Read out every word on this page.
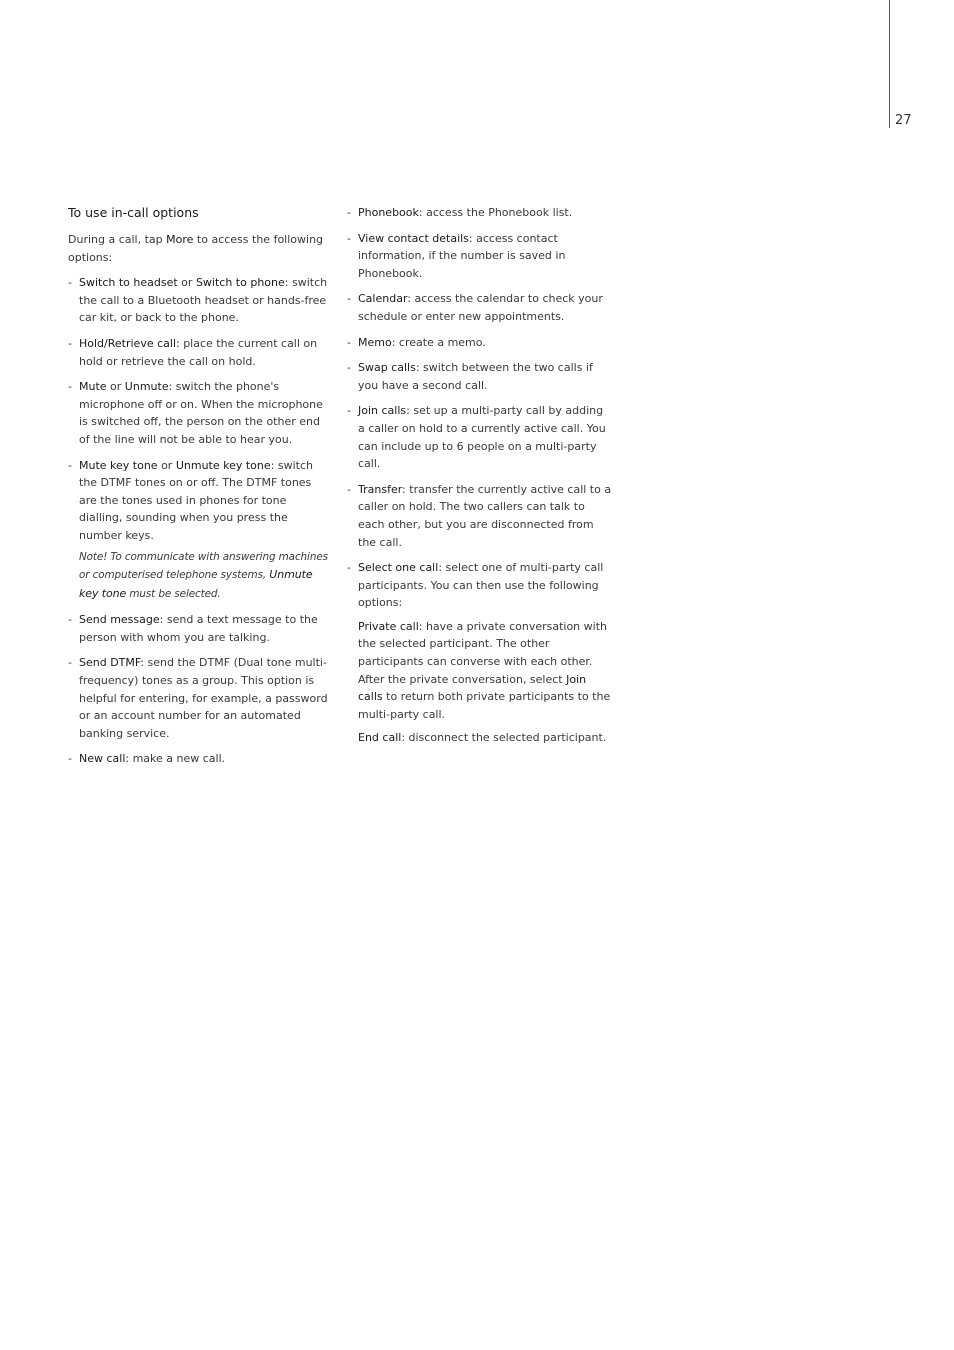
27
To use in-call options

During a call, tap More to access the following options:

- Switch to headset or Switch to phone: switch the call to a Bluetooth headset or hands-free car kit, or back to the phone.
- Hold/Retrieve call: place the current call on hold or retrieve the call on hold.
- Mute or Unmute: switch the phone's microphone off or on. When the microphone is switched off, the person on the other end of the line will not be able to hear you.
- Mute key tone or Unmute key tone: switch the DTMF tones on or off. The DTMF tones are the tones used in phones for tone dialling, sounding when you press the number keys.
Note! To communicate with answering machines or computerised telephone systems, Unmute key tone must be selected.
- Send message: send a text message to the person with whom you are talking.
- Send DTMF: send the DTMF (Dual tone multi-frequency) tones as a group. This option is helpful for entering, for example, a password or an account number for an automated banking service.
- New call: make a new call.
- Phonebook: access the Phonebook list.
- View contact details: access contact information, if the number is saved in Phonebook.
- Calendar: access the calendar to check your schedule or enter new appointments.
- Memo: create a memo.
- Swap calls: switch between the two calls if you have a second call.
- Join calls: set up a multi-party call by adding a caller on hold to a currently active call. You can include up to 6 people on a multi-party call.
- Transfer: transfer the currently active call to a caller on hold. The two callers can talk to each other, but you are disconnected from the call.
- Select one call: select one of multi-party call participants. You can then use the following options:
Private call: have a private conversation with the selected participant. The other participants can converse with each other. After the private conversation, select Join calls to return both private participants to the multi-party call.
End call: disconnect the selected participant.
